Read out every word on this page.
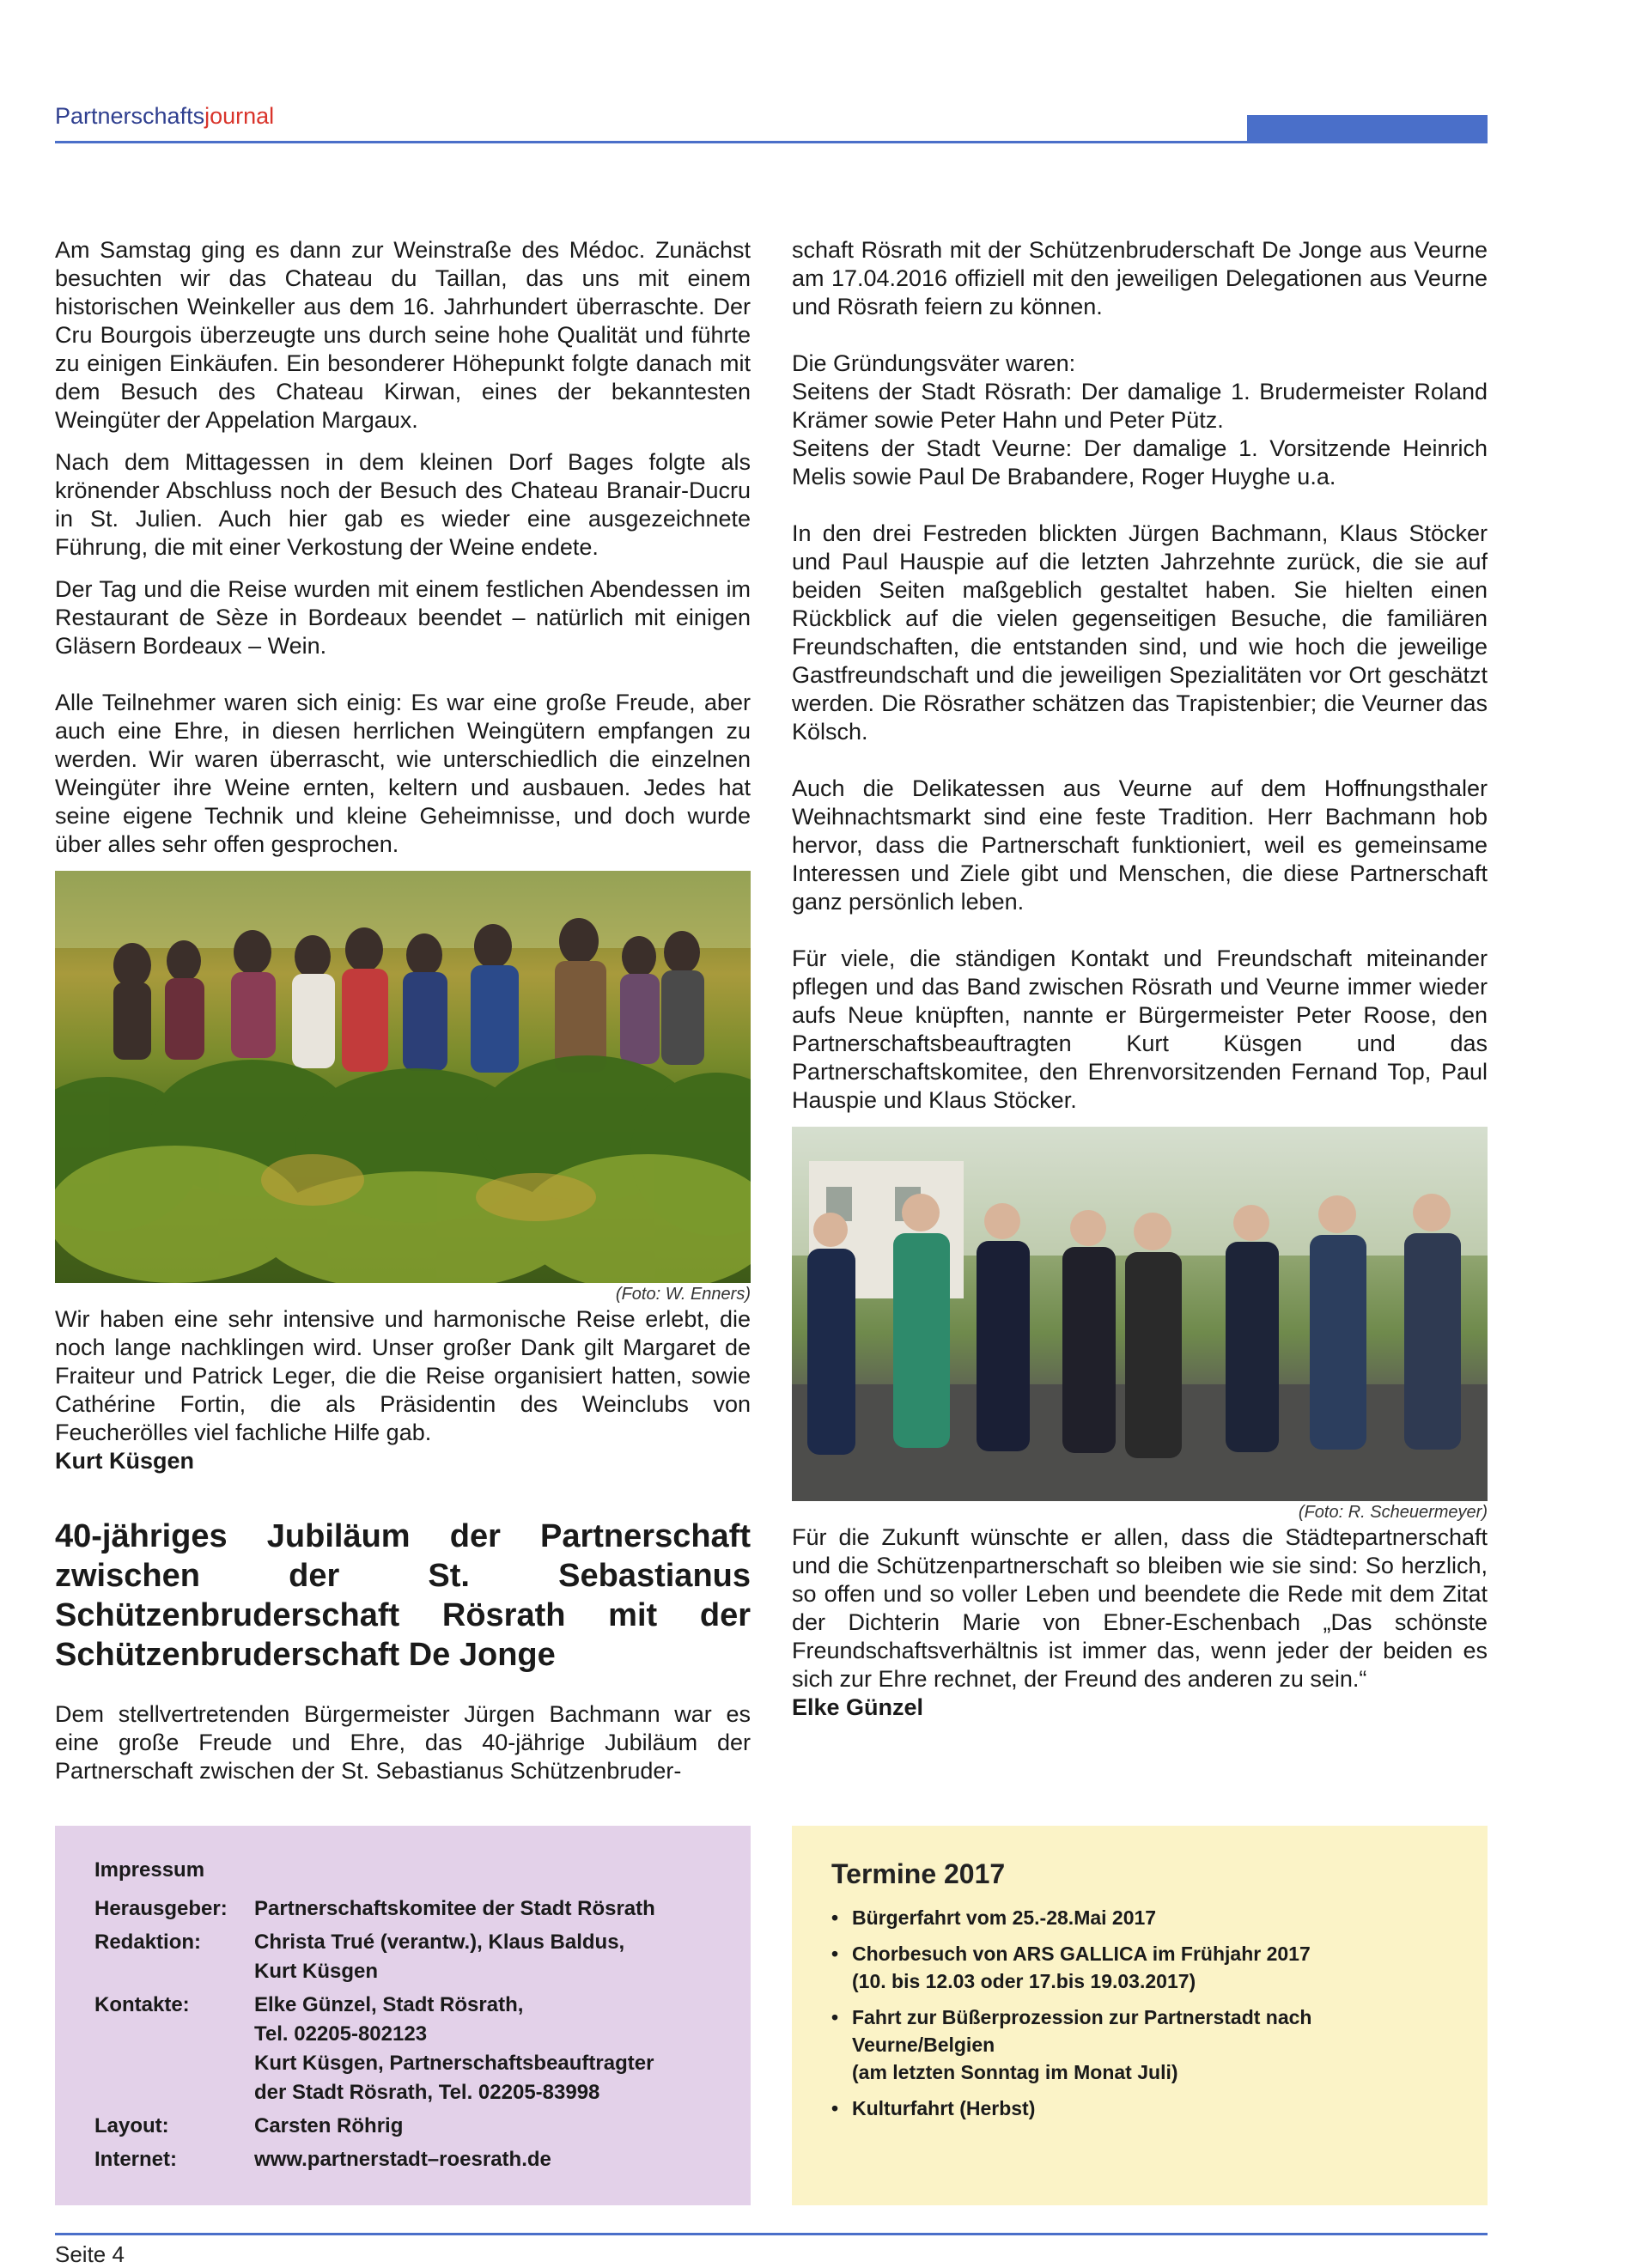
Partnerschaftsjournal

Am Samstag ging es dann zur Weinstraße des Médoc. Zunächst besuchten wir das Chateau du Taillan, das uns mit einem historischen Weinkeller aus dem 16. Jahrhundert überraschte. Der Cru Bourgois überzeugte uns durch seine hohe Qualität und führte zu einigen Einkäufen. Ein besonderer Höhepunkt folgte danach mit dem Besuch des Chateau Kirwan, eines der bekanntesten Weingüter der Appelation Margaux.

Nach dem Mittagessen in dem kleinen Dorf Bages folgte als krönender Abschluss noch der Besuch des Chateau Branair-Ducru in St. Julien. Auch hier gab es wieder eine ausgezeichnete Führung, die mit einer Verkostung der Weine endete.

Der Tag und die Reise wurden mit einem festlichen Abendessen im Restaurant de Sèze in Bordeaux beendet – natürlich mit einigen Gläsern Bordeaux – Wein.

Alle Teilnehmer waren sich einig: Es war eine große Freude, aber auch eine Ehre, in diesen herrlichen Weingütern empfangen zu werden. Wir waren überrascht, wie unterschiedlich die einzelnen Weingüter ihre Weine ernten, keltern und ausbauen. Jedes hat seine eigene Technik und kleine Geheimnisse, und doch wurde über alles sehr offen gesprochen.

(Foto: W. Enners)

Wir haben eine sehr intensive und harmonische Reise erlebt, die noch lange nachklingen wird. Unser großer Dank gilt Margaret de Fraiteur und Patrick Leger, die die Reise organisiert hatten, sowie Cathérine Fortin, die als Präsidentin des Weinclubs von Feucherölles viel fachliche Hilfe gab.

Kurt Küsgen
40-jähriges Jubiläum der Partnerschaft zwischen der St. Sebastianus Schützenbruderschaft Rösrath mit der Schützenbruderschaft De Jonge

Dem stellvertretenden Bürgermeister Jürgen Bachmann war es eine große Freude und Ehre, das 40-jährige Jubiläum der Partnerschaft zwischen der St. Sebastianus Schützenbruder-

schaft Rösrath mit der Schützenbruderschaft De Jonge aus Veurne am 17.04.2016 offiziell mit den jeweiligen Delegationen aus Veurne und Rösrath feiern zu können.

Die Gründungsväter waren:

Seitens der Stadt Rösrath: Der damalige 1. Brudermeister Roland Krämer sowie Peter Hahn und Peter Pütz.

Seitens der Stadt Veurne: Der damalige 1. Vorsitzende Heinrich Melis sowie Paul De Brabandere, Roger Huyghe u.a.

In den drei Festreden blickten Jürgen Bachmann, Klaus Stöcker und Paul Hauspie auf die letzten Jahrzehnte zurück, die sie auf beiden Seiten maßgeblich gestaltet haben. Sie hielten einen Rückblick auf die vielen gegenseitigen Besuche, die familiären Freundschaften, die entstanden sind, und wie hoch die jeweilige Gastfreundschaft und die jeweiligen Spezialitäten vor Ort geschätzt werden. Die Rösrather schätzen das Trapistenbier; die Veurner das Kölsch.

Auch die Delikatessen aus Veurne auf dem Hoffnungsthaler Weihnachtsmarkt sind eine feste Tradition. Herr Bachmann hob hervor, dass die Partnerschaft funktioniert, weil es gemeinsame Interessen und Ziele gibt und Menschen, die diese Partnerschaft ganz persönlich leben.

Für viele, die ständigen Kontakt und Freundschaft miteinander pflegen und das Band zwischen Rösrath und Veurne immer wieder aufs Neue knüpften, nannte er Bürgermeister Peter Roose, den Partnerschaftsbeauftragten Kurt Küsgen und das Partnerschaftskomitee, den Ehrenvorsitzenden Fernand Top, Paul Hauspie und Klaus Stöcker.

(Foto: R. Scheuermeyer)

Für die Zukunft wünschte er allen, dass die Städtepartnerschaft und die Schützenpartnerschaft so bleiben wie sie sind: So herzlich, so offen und so voller Leben und beendete die Rede mit dem Zitat der Dichterin Marie von Ebner-Eschenbach „Das schönste Freundschaftsverhältnis ist immer das, wenn jeder der beiden es sich zur Ehre rechnet, der Freund des anderen zu sein.“

Elke Günzel
Impressum
Herausgeber:	Partnerschaftskomitee der Stadt Rösrath
Redaktion:	Christa Trué (verantw.), Klaus Baldus,
Kurt Küsgen
Kontakte:	Elke Günzel, Stadt Rösrath,
Tel. 02205-802123
Kurt Küsgen, Partnerschaftsbeauftragter
der Stadt Rösrath, Tel. 02205-83998
Layout:	Carsten Röhrig
Internet:	www.partnerstadt–roesrath.de
Termine 2017
• Bürgerfahrt vom 25.-28.Mai 2017
• Chorbesuch von ARS GALLICA im Frühjahr 2017
(10. bis 12.03 oder 17.bis 19.03.2017)
• Fahrt zur Büßerprozession zur Partnerstadt nach Veurne/Belgien
(am letzten Sonntag im Monat Juli)
• Kulturfahrt (Herbst)
Seite 4
